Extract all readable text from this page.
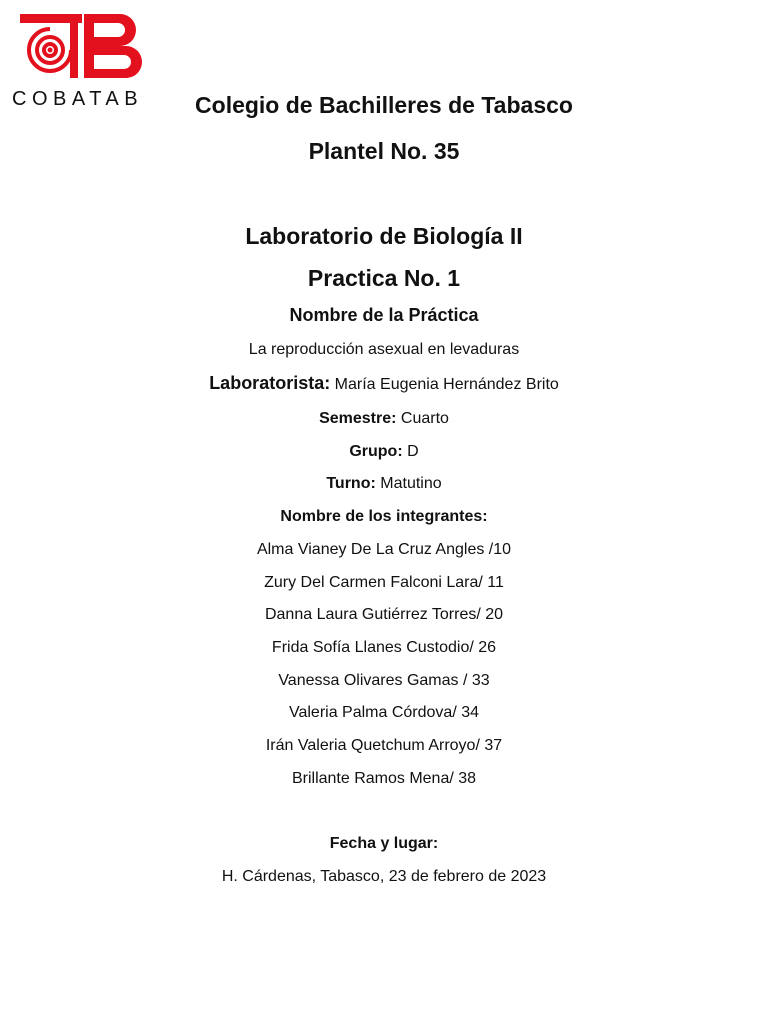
COBATAB	Colegio de Bachilleres de Tabasco
Plantel No. 35
Laboratorio de Biología II
Practica No. 1
Nombre de la Práctica
La reproducción asexual en levaduras
Laboratorista: María Eugenia Hernández Brito
Semestre: Cuarto
Grupo: D
Turno: Matutino
Nombre de los integrantes:
Alma Vianey De La Cruz Angles /10
Zury Del Carmen Falconi Lara/ 11
Danna Laura Gutiérrez Torres/ 20
Frida Sofía Llanes Custodio/ 26
Vanessa Olivares Gamas / 33
Valeria Palma Córdova/ 34
Irán Valeria Quetchum Arroyo/ 37
Brillante Ramos Mena/ 38
Fecha y lugar:
H. Cárdenas, Tabasco, 23 de febrero de 2023
